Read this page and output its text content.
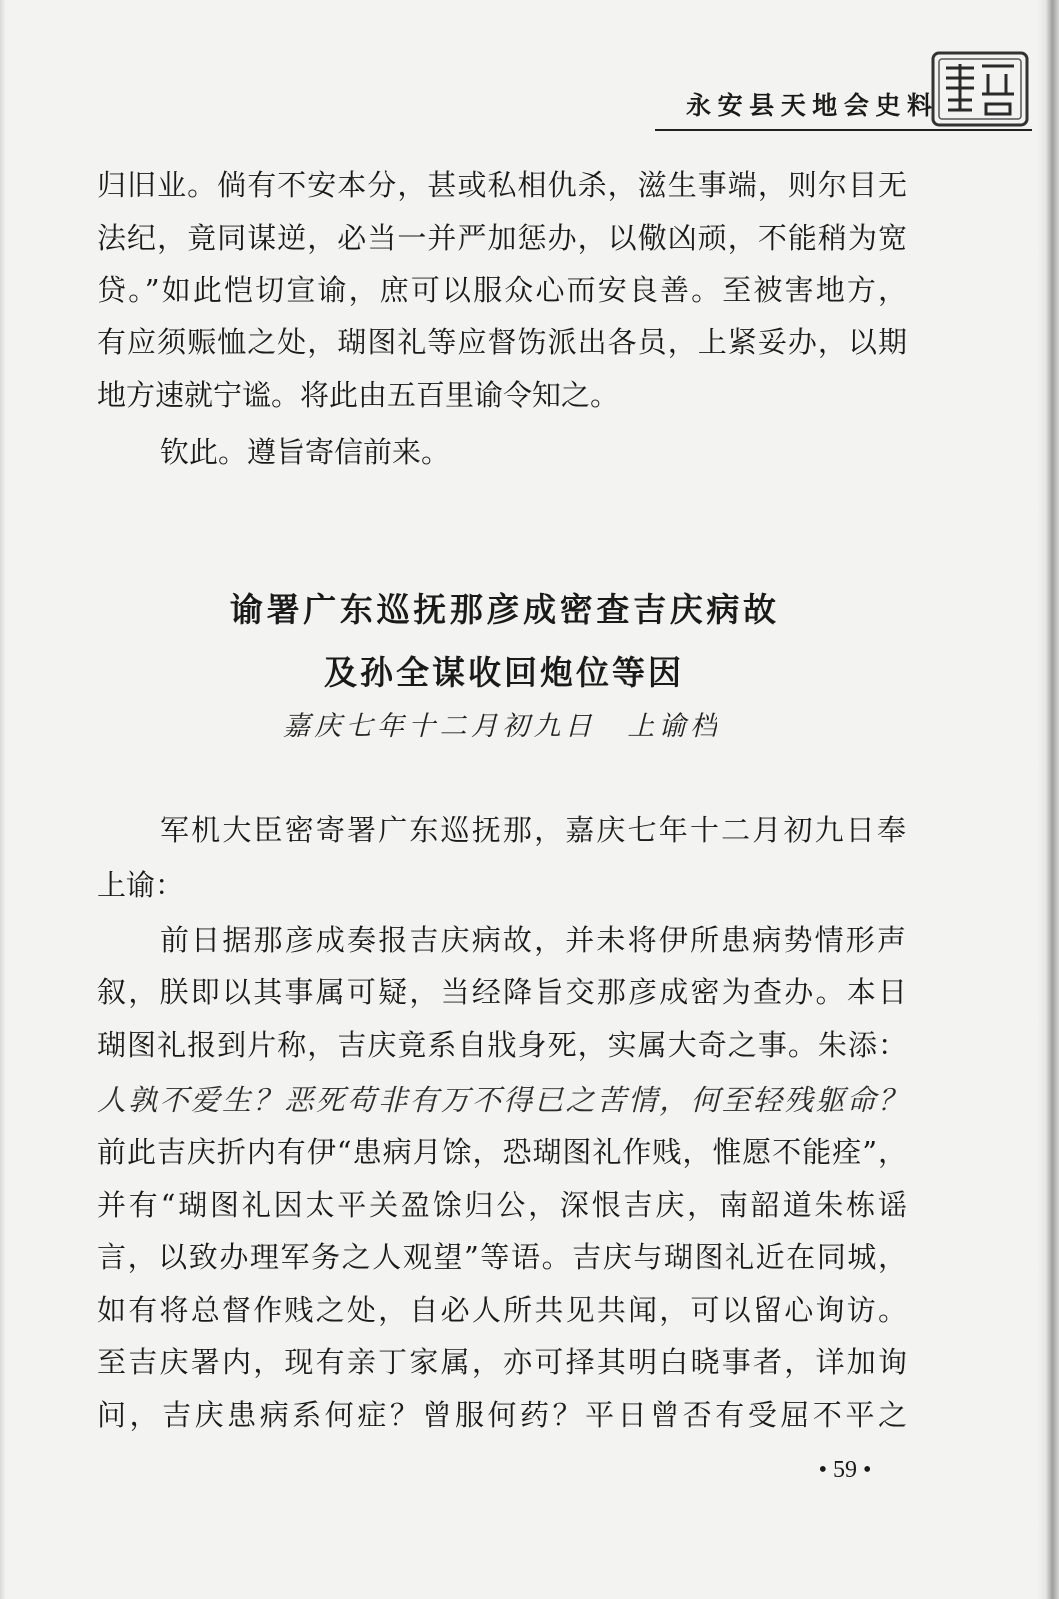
永安县天地会史料
归旧业。倘有不安本分，甚或私相仇杀，滋生事端，则尔目无
法纪，竟同谋逆，必当一并严加惩办，以儆凶顽，不能稍为宽
贷。”如此恺切宣谕，庶可以服众心而安良善。至被害地方，
有应须赈恤之处，瑚图礼等应督饬派出各员，上紧妥办，以期
地方速就宁谧。将此由五百里谕令知之。
钦此。遵旨寄信前来。
谕署广东巡抚那彦成密查吉庆病故
及孙全谋收回炮位等因
嘉庆七年十二月初九日　上谕档
军机大臣密寄署广东巡抚那，嘉庆七年十二月初九日奉
上谕：
前日据那彦成奏报吉庆病故，并未将伊所患病势情形声
叙，朕即以其事属可疑，当经降旨交那彦成密为查办。本日
瑚图礼报到片称，吉庆竟系自戕身死，实属大奇之事。朱添：
人孰不爱生？恶死苟非有万不得已之苦情，何至轻残躯命？
前此吉庆折内有伊“患病月馀，恐瑚图礼作贱，惟愿不能痊”，
并有“瑚图礼因太平关盈馀归公，深恨吉庆，南韶道朱栋谣
言，以致办理军务之人观望”等语。吉庆与瑚图礼近在同城，
如有将总督作贱之处，自必人所共见共闻，可以留心询访。
至吉庆署内，现有亲丁家属，亦可择其明白晓事者，详加询
问，吉庆患病系何症？曾服何药？平日曾否有受屈不平之
• 59 •
